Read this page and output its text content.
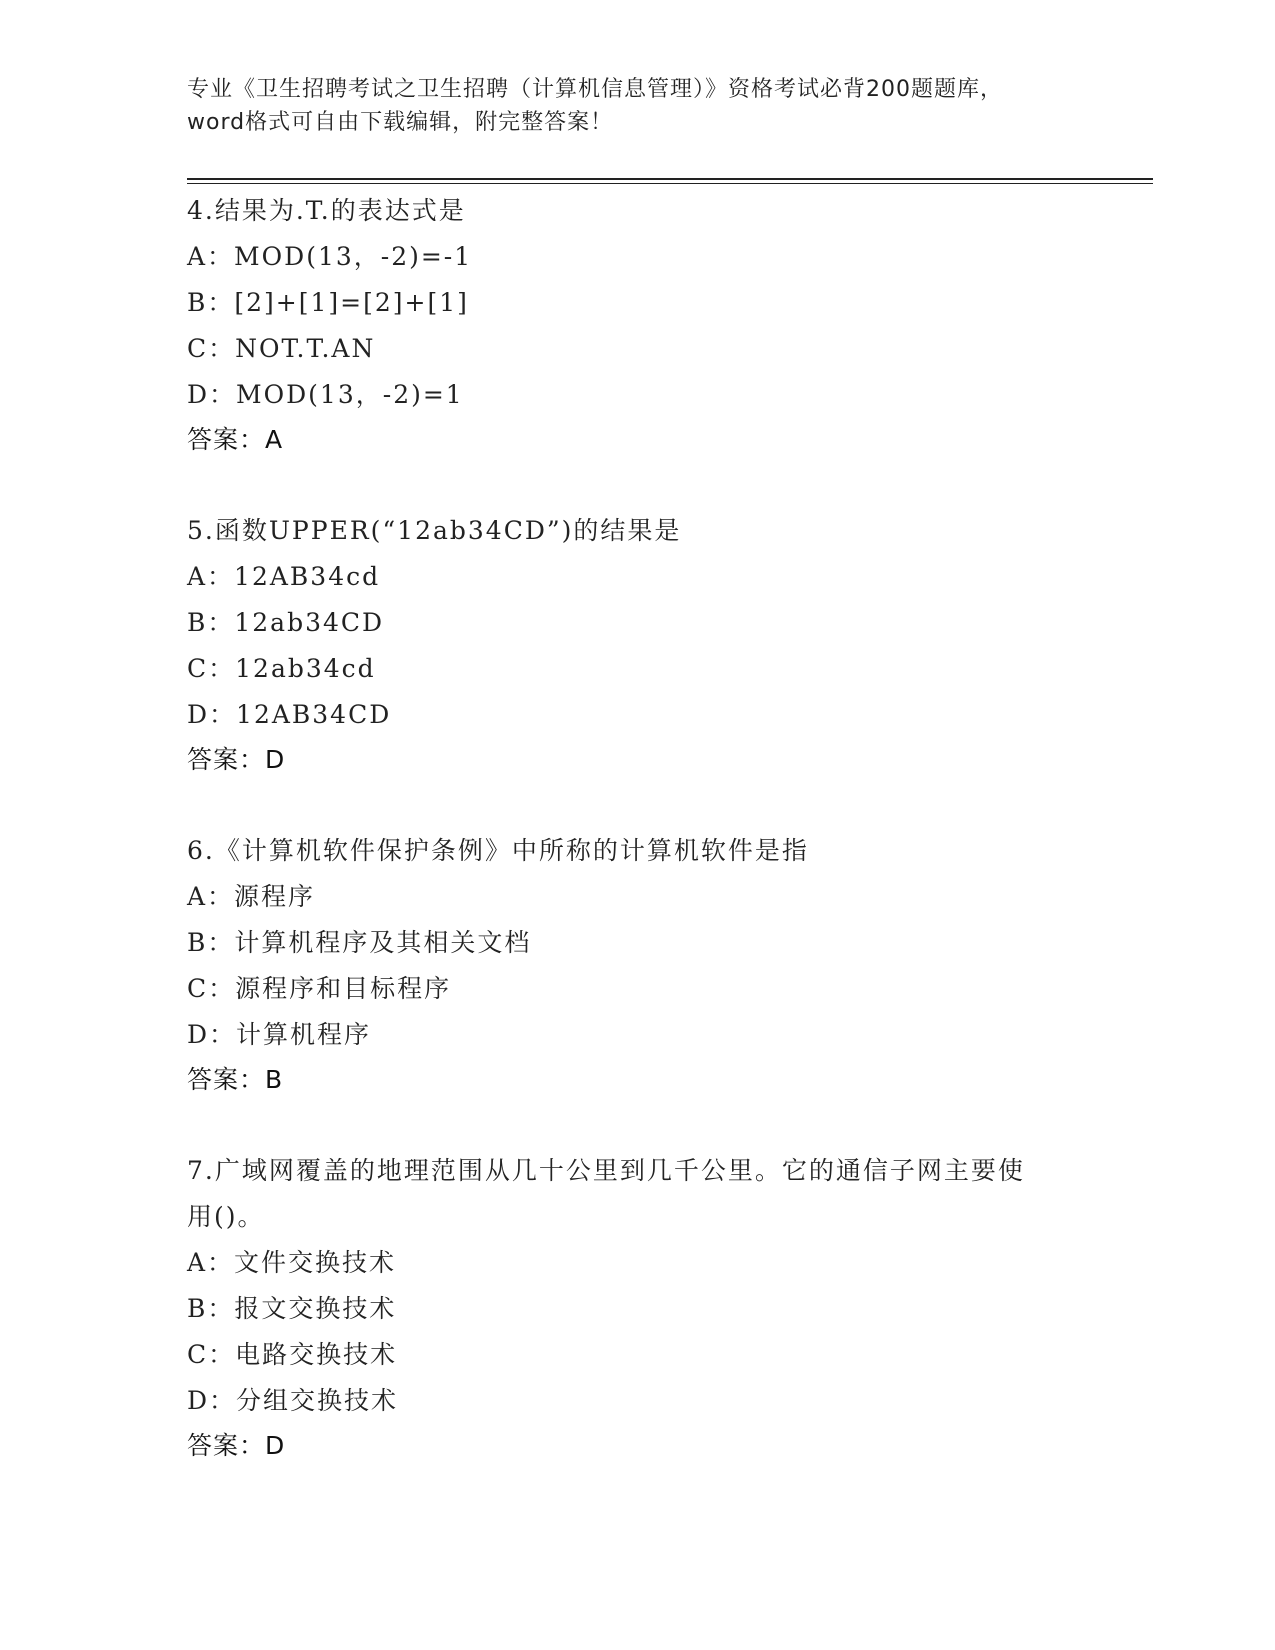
专业《卫生招聘考试之卫生招聘（计算机信息管理）》资格考试必背200题题库，
word格式可自由下载编辑，附完整答案！
4.结果为.T.的表达式是
A：MOD(13，-2)=-1
B：[2]+[1]=[2]+[1]
C：NOT.T.AN
D：MOD(13，-2)=1
答案：A
5.函数UPPER(“12ab34CD”)的结果是
A：12AB34cd
B：12ab34CD
C：12ab34cd
D：12AB34CD
答案：D
6.《计算机软件保护条例》中所称的计算机软件是指
A：源程序
B：计算机程序及其相关文档
C：源程序和目标程序
D：计算机程序
答案：B
7.广域网覆盖的地理范围从几十公里到几千公里。它的通信子网主要使用()。
A：文件交换技术
B：报文交换技术
C：电路交换技术
D：分组交换技术
答案：D
